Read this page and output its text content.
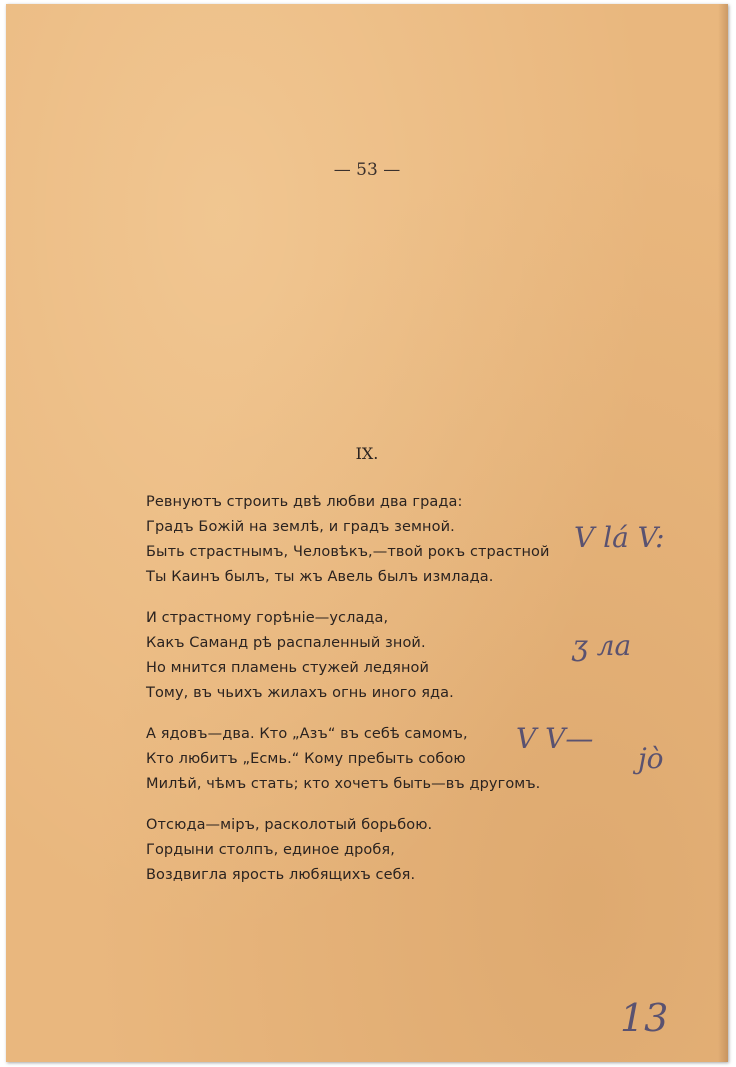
— 53 —
IX.
Ревнуютъ строить двѣ любви два града:
Градъ Божій на землѣ, и градъ земной.
Быть страстнымъ, Человѣкъ,—твой рокъ страстной
Ты Каинъ былъ, ты жъ Авель былъ измлада.
И страстному горѣніе—услада,
Какъ Саманд рѣ распаленный зной.
Но мнится пламень стужей ледяной
Тому, въ чьихъ жилахъ огнь иного яда.
А ядовъ—два. Кто „Азъ“ въ себѣ самомъ,
Кто любитъ „Есмь.“ Кому пребыть собою
Милѣй, чѣмъ стать; кто хочетъ быть—въ другомъ.
Отсюда—міръ, расколотый борьбою.
Гордыни столпъ, единое дробя,
Воздвигла ярость любящихъ себя.
V lá V:
ʒ ла
V V—
jò
13
